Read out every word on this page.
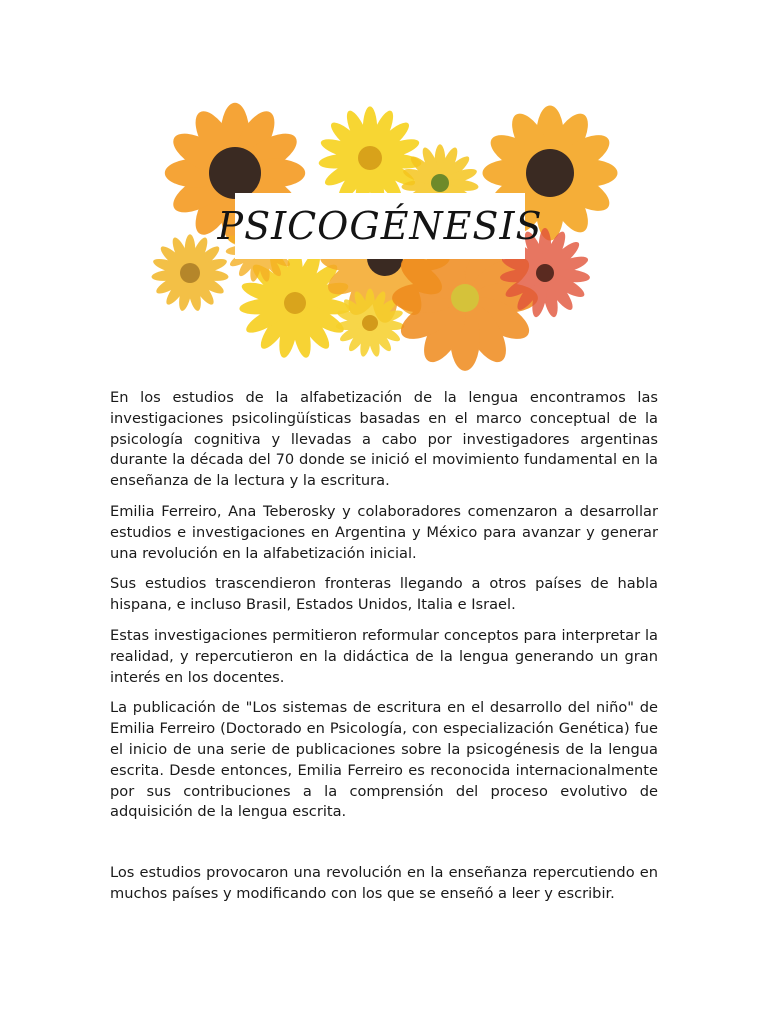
PSICOGÉNESIS

En los estudios de la alfabetización de la lengua encontramos las investigaciones psicolingüísticas basadas en el marco conceptual de la psicología cognitiva y llevadas a cabo por investigadores argentinas durante la década del 70 donde se inició el movimiento fundamental en la enseñanza de la lectura y la escritura.

Emilia Ferreiro, Ana Teberosky y colaboradores comenzaron a desarrollar estudios e investigaciones en Argentina y México para avanzar y generar una revolución en la alfabetización inicial.

Sus estudios trascendieron fronteras llegando a otros países de habla hispana, e incluso Brasil, Estados Unidos, Italia e Israel.

Estas investigaciones permitieron reformular conceptos para interpretar la realidad, y repercutieron en la didáctica de la lengua generando un gran interés en los docentes.

La publicación de "Los sistemas de escritura en el desarrollo del niño" de Emilia Ferreiro (Doctorado en Psicología, con especialización Genética) fue el inicio de una serie de publicaciones sobre la psicogénesis de la lengua escrita. Desde entonces, Emilia Ferreiro es reconocida internacionalmente por sus contribuciones a la comprensión del proceso evolutivo de adquisición de la lengua escrita.

Los estudios provocaron una revolución en la enseñanza repercutiendo en muchos países y modificando con los que se enseñó a leer y escribir.
